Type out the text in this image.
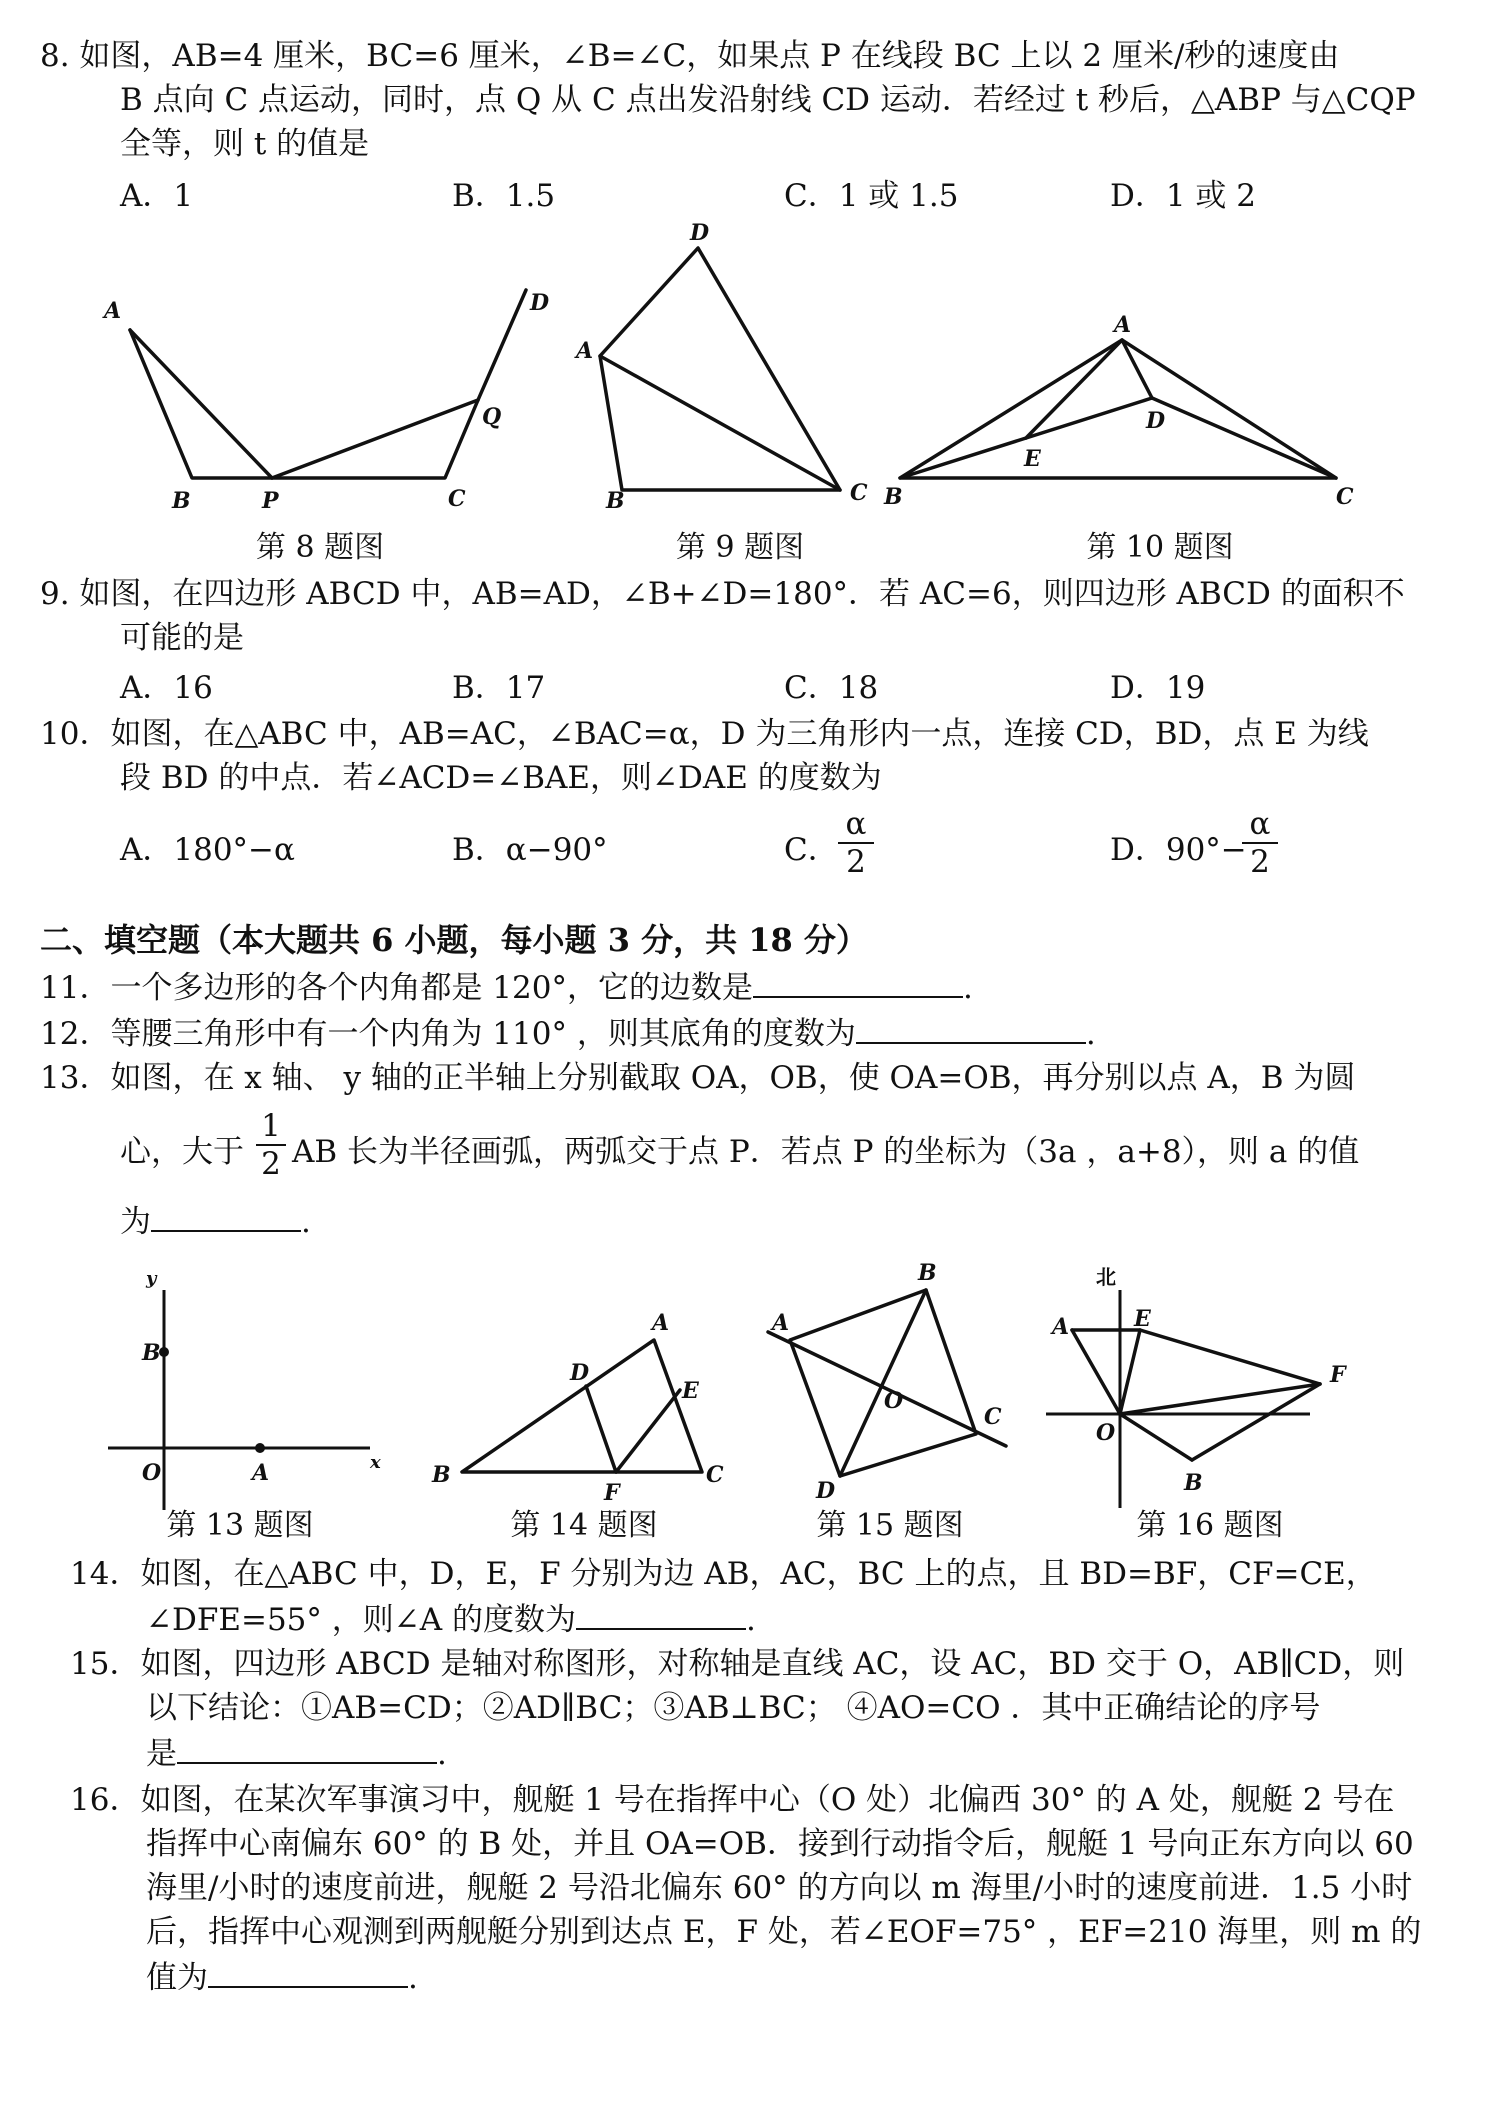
8. 如图，AB=4 厘米，BC=6 厘米，∠B=∠C，如果点 P 在线段 BC 上以 2 厘米/秒的速度由
B 点向 C 点运动，同时，点 Q 从 C 点出发沿射线 CD 运动．若经过 t 秒后，△ABP 与△CQP
全等，则 t 的值是
A．1	B．1.5	C．1 或 1.5	D．1 或 2
A
B	P	C
Q
D
D
A
B	C
A
D
E
B	C
y
B
O	A	x
A
D
E
B
F
C
B
A
O
C
D
北
A	E
F
O
B
第 8 题图	第 9 题图	第 10 题图
9. 如图，在四边形 ABCD 中，AB=AD，∠B+∠D=180°．若 AC=6，则四边形 ABCD 的面积不
可能的是
A．16	B．17	C．18	D．19
10．如图，在△ABC 中，AB=AC，∠BAC=α，D 为三角形内一点，连接 CD，BD，点 E 为线
段 BD 的中点．若∠ACD=∠BAE，则∠DAE 的度数为
A．180°−α	B．α−90°	C． $\frac{\alpha}{2}$	D．90°−
$\frac{\alpha}{2}$
二、填空题（本大题共 6 小题，每小题 3 分，共 18 分）
11．一个多边形的各个内角都是 120°，它的边数是	.
12．等腰三角形中有一个内角为 110° ，则其底角的度数为	.
13．如图，在 x 轴、 y 轴的正半轴上分别截取 OA，OB，使 OA=OB，再分别以点 A，B 为圆
心，大于 $\frac{1}{2}$ AB 长为半径画弧，两弧交于点 P．若点 P 的坐标为（3a ，a+8），则 a 的值
为	.
第 13 题图	第 14 题图	第 15 题图	第 16 题图
14．如图，在△ABC 中，D，E，F 分别为边 AB，AC，BC 上的点，且 BD=BF，CF=CE，
∠DFE=55° ，则∠A 的度数为	.
15．如图，四边形 ABCD 是轴对称图形，对称轴是直线 AC，设 AC，BD 交于 O，AB∥CD，则
以下结论：①AB=CD；②AD∥BC；③AB⊥BC； ④AO=CO ．其中正确结论的序号
是	.
16．如图，在某次军事演习中，舰艇 1 号在指挥中心（O 处）北偏西 30° 的 A 处，舰艇 2 号在
指挥中心南偏东 60° 的 B 处，并且 OA=OB．接到行动指令后，舰艇 1 号向正东方向以 60
海里/小时的速度前进，舰艇 2 号沿北偏东 60° 的方向以 m 海里/小时的速度前进．1.5 小时
后，指挥中心观测到两舰艇分别到达点 E，F 处，若∠EOF=75° ，EF=210 海里，则 m 的
值为	.
